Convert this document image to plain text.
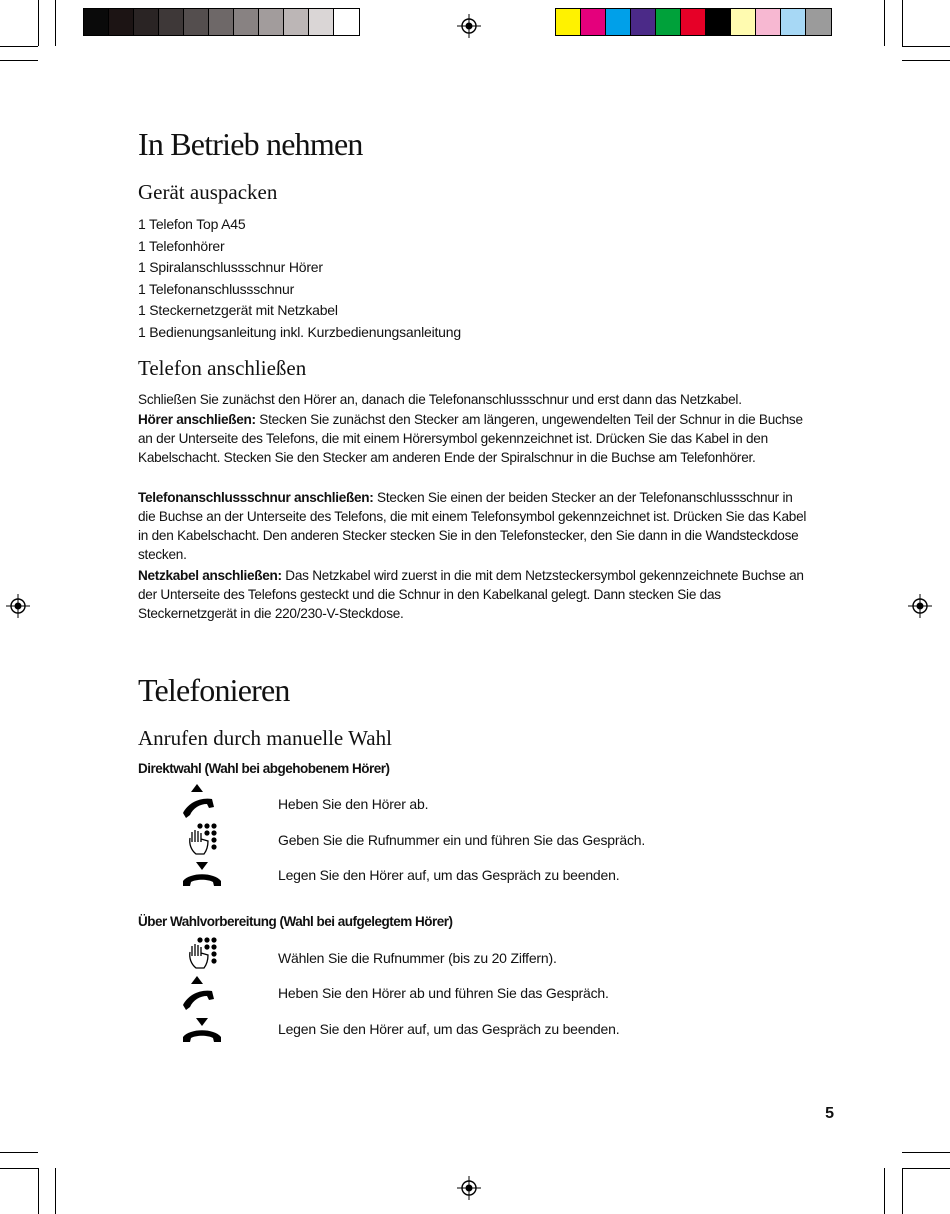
In Betrieb nehmen
Gerät auspacken
1 Telefon Top A45
1 Telefonhörer
1 Spiralanschlussschnur Hörer
1 Telefonanschlussschnur
1 Steckernetzgerät mit Netzkabel
1 Bedienungsanleitung inkl. Kurzbedienungsanleitung
Telefon anschließen

Schließen Sie zunächst den Hörer an, danach die Telefonanschlussschnur und erst dann das Netzkabel.

Hörer anschließen: Stecken Sie zunächst den Stecker am längeren, ungewendelten Teil der Schnur in die Buchse an der Unterseite des Telefons, die mit einem Hörersymbol gekennzeichnet ist. Drücken Sie das Kabel in den Kabelschacht. Stecken Sie den Stecker am anderen Ende der Spiralschnur in die Buchse am Telefonhörer.

Telefonanschlussschnur anschließen: Stecken Sie einen der beiden Stecker an der Telefonanschlussschnur in die Buchse an der Unterseite des Telefons, die mit einem Telefonsymbol gekennzeichnet ist. Drücken Sie das Kabel in den Kabelschacht. Den anderen Stecker stecken Sie in den Telefonstecker, den Sie dann in die Wandsteckdose stecken.

Netzkabel anschließen: Das Netzkabel wird zuerst in die mit dem Netzsteckersymbol gekennzeichnete Buchse an der Unterseite des Telefons gesteckt und die Schnur in den Kabelkanal gelegt. Dann stecken Sie das Steckernetzgerät in die 220/230-V-Steckdose.

Telefonieren
Anrufen durch manuelle Wahl

Direktwahl (Wahl bei abgehobenem Hörer)

Heben Sie den Hörer ab.

Geben Sie die Rufnummer ein und führen Sie das Gespräch.

Legen Sie den Hörer auf, um das Gespräch zu beenden.

Über Wahlvorbereitung (Wahl bei aufgelegtem Hörer)

Wählen Sie die Rufnummer (bis zu 20 Ziffern).

Heben Sie den Hörer ab und führen Sie das Gespräch.

Legen Sie den Hörer auf, um das Gespräch zu beenden.

5
